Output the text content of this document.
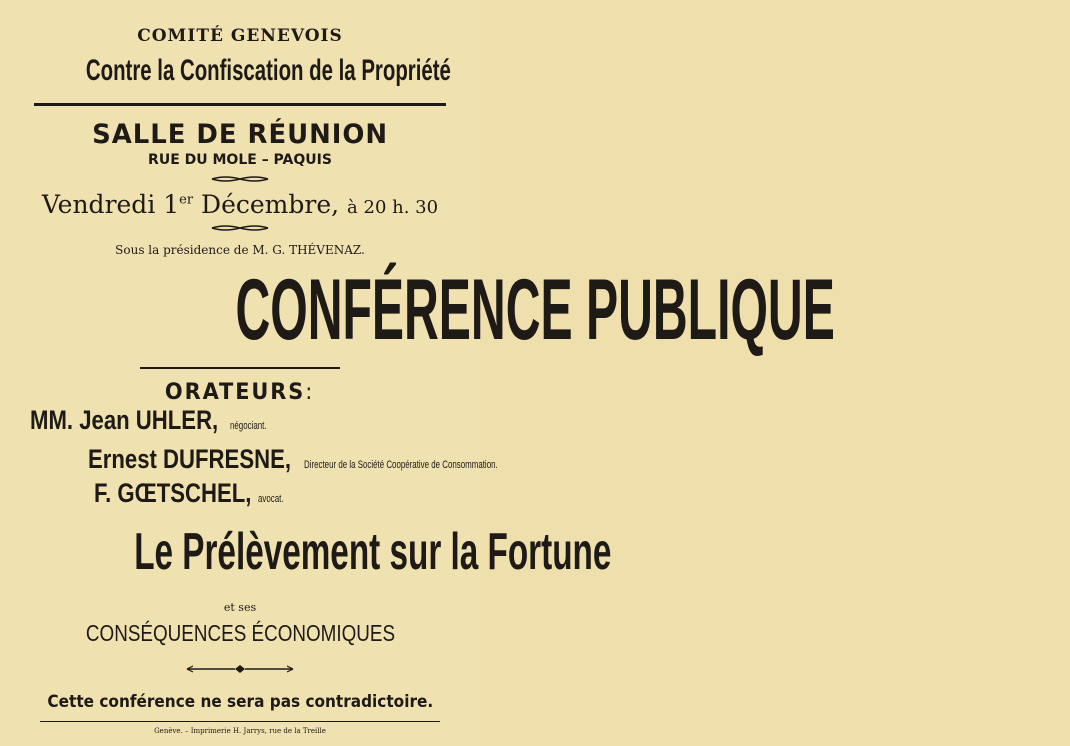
COMITÉ GENEVOIS
Contre la Confiscation de la Propriété
SALLE DE RÉUNION
RUE DU MOLE – PAQUIS
Vendredi 1er Décembre, à 20 h. 30
Sous la présidence de M. G. THÉVENAZ.
CONFÉRENCE PUBLIQUE
ORATEURS:
MM. Jean UHLER,négociant.
Ernest DUFRESNE,Directeur de la Société Coopérative de Consommation.
F. GŒTSCHEL,avocat.
Le Prélèvement sur la Fortune
et ses
CONSÉQUENCES ÉCONOMIQUES
Cette conférence ne sera pas contradictoire.
Genève. – Imprimerie H. Jarrys, rue de la Treille
